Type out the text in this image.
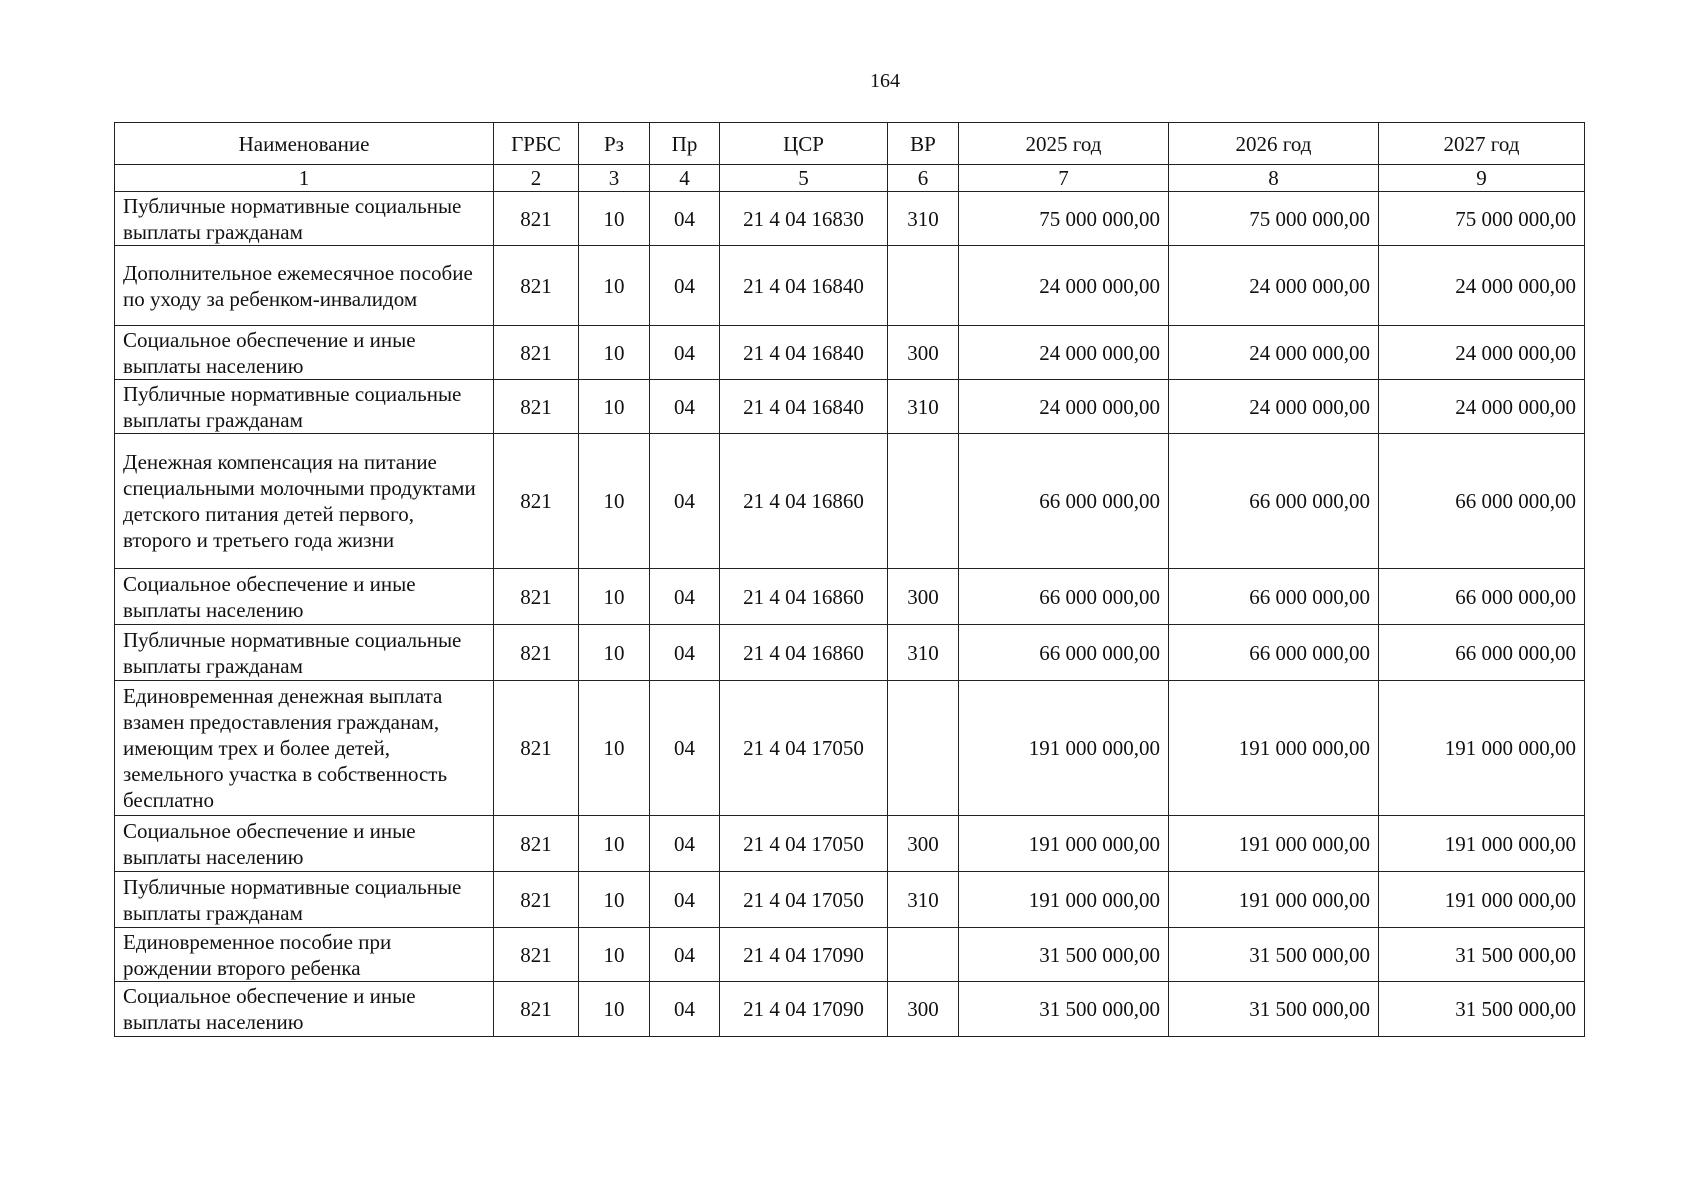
164
Наименование	ГРБС	Рз	Пр	ЦСР	ВР	2025 год	2026 год	2027 год
1	2	3	4	5	6	7	8	9
Публичные нормативные социальные выплаты гражданам	821	10	04	21 4 04 16830	310	75 000 000,00	75 000 000,00	75 000 000,00
Дополнительное ежемесячное пособие по уходу за ребенком-инвалидом	821	10	04	21 4 04 16840		24 000 000,00	24 000 000,00	24 000 000,00
Социальное обеспечение и иные выплаты населению	821	10	04	21 4 04 16840	300	24 000 000,00	24 000 000,00	24 000 000,00
Публичные нормативные социальные выплаты гражданам	821	10	04	21 4 04 16840	310	24 000 000,00	24 000 000,00	24 000 000,00
Денежная компенсация на питание специальными молочными продуктами детского питания детей первого, второго и третьего года жизни	821	10	04	21 4 04 16860		66 000 000,00	66 000 000,00	66 000 000,00
Социальное обеспечение и иные выплаты населению	821	10	04	21 4 04 16860	300	66 000 000,00	66 000 000,00	66 000 000,00
Публичные нормативные социальные выплаты гражданам	821	10	04	21 4 04 16860	310	66 000 000,00	66 000 000,00	66 000 000,00
Единовременная денежная выплата взамен предоставления гражданам, имеющим трех и более детей, земельного участка в собственность бесплатно	821	10	04	21 4 04 17050		191 000 000,00	191 000 000,00	191 000 000,00
Социальное обеспечение и иные выплаты населению	821	10	04	21 4 04 17050	300	191 000 000,00	191 000 000,00	191 000 000,00
Публичные нормативные социальные выплаты гражданам	821	10	04	21 4 04 17050	310	191 000 000,00	191 000 000,00	191 000 000,00
Единовременное пособие при рождении второго ребенка	821	10	04	21 4 04 17090		31 500 000,00	31 500 000,00	31 500 000,00
Социальное обеспечение и иные выплаты населению	821	10	04	21 4 04 17090	300	31 500 000,00	31 500 000,00	31 500 000,00
